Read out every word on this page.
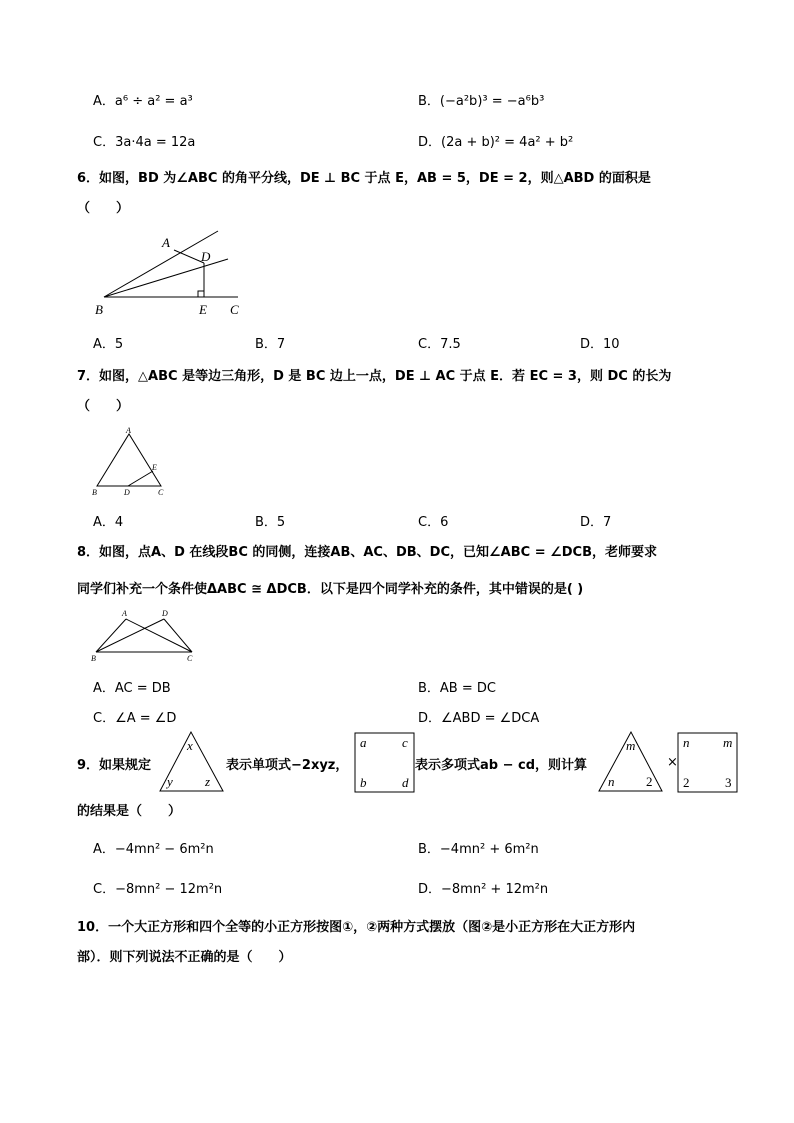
A．a⁶ ÷ a² = a³	B．(−a²b)³ = −a⁶b³
C．3a·4a = 12a	D．(2a + b)² = 4a² + b²
6．如图，BD 为∠ABC 的角平分线，DE ⊥ BC 于点 E，AB = 5，DE = 2，则△ABD 的面积是
（　　）
A
D
B	E C
A．5	B．7	C．7.5	D．10
7．如图，△ABC 是等边三角形，D 是 BC 边上一点，DE ⊥ AC 于点 E．若 EC = 3，则 DC 的长为
（　　）
A
E
B	D	C
A．4	B．5	C．6	D．7
8．如图，点A、D 在线段BC 的同侧，连接AB、AC、DB、DC，已知∠ABC = ∠DCB，老师要求
同学们补充一个条件使ΔABC ≅ ΔDCB．以下是四个同学补充的条件，其中错误的是( )
A	D
B	C
A．AC = DB	B．AB = DC
C．∠A = ∠D	D．∠ABD = ∠DCA
9．如果规定
x
y z
表示单项式−2xyz，
a	c
b	d
表示多项式ab − cd，则计算
m
n 2
×
n	m
2	3
的结果是（　　）
A．−4mn² − 6m²n	B．−4mn² + 6m²n
C．−8mn² − 12m²n	D．−8mn² + 12m²n
10．一个大正方形和四个全等的小正方形按图①，②两种方式摆放（图②是小正方形在大正方形内
部）．则下列说法不正确的是（　　）
